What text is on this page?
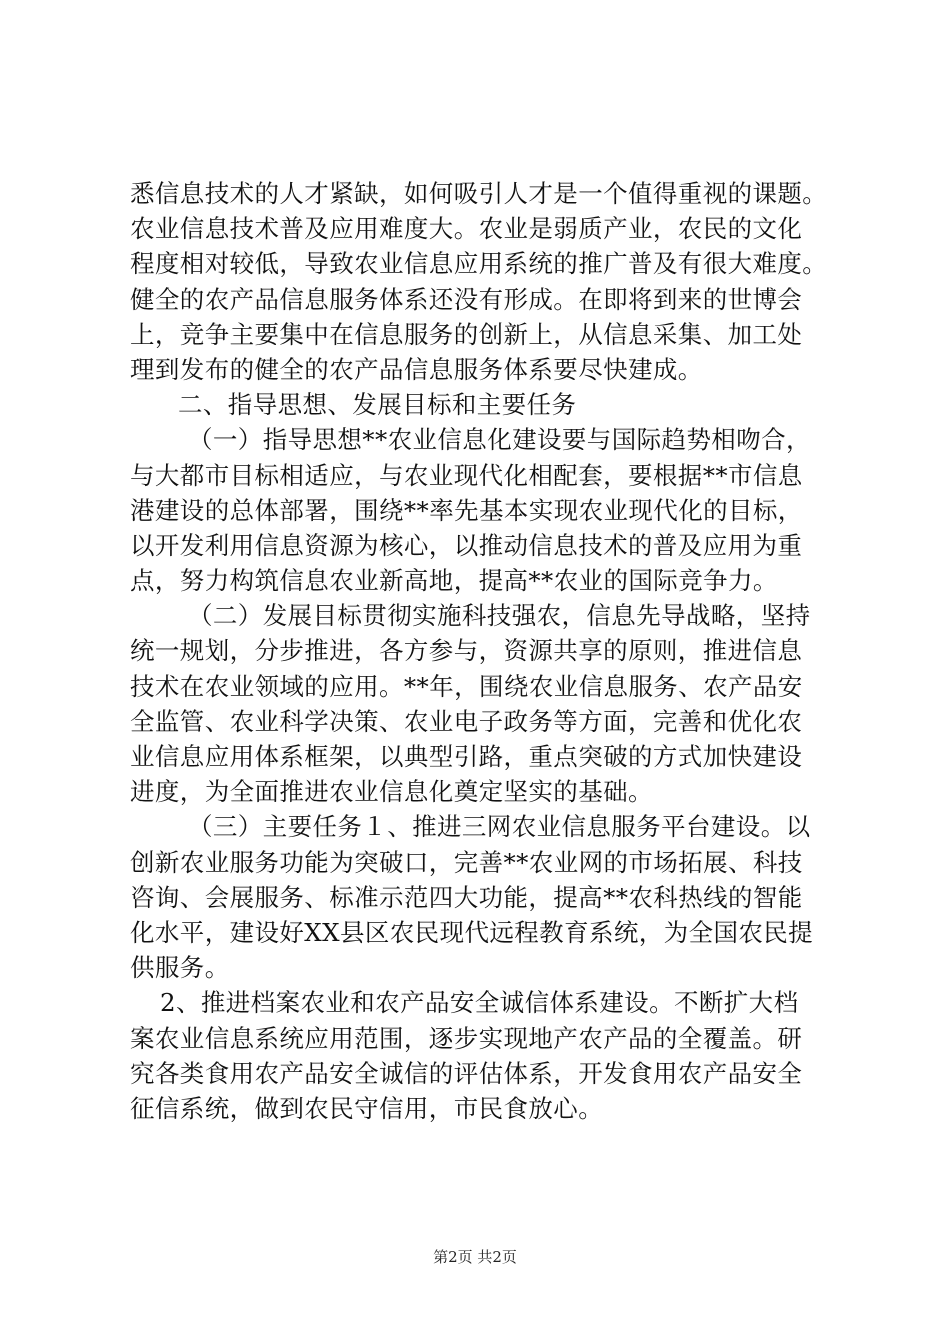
悉信息技术的人才紧缺，如何吸引人才是一个值得重视的课题。
农业信息技术普及应用难度大。农业是弱质产业，农民的文化
程度相对较低，导致农业信息应用系统的推广普及有很大难度。
健全的农产品信息服务体系还没有形成。在即将到来的世博会
上，竞争主要集中在信息服务的创新上，从信息采集、加工处
理到发布的健全的农产品信息服务体系要尽快建成。
二、指导思想、发展目标和主要任务
（一）指导思想**农业信息化建设要与国际趋势相吻合，
与大都市目标相适应，与农业现代化相配套，要根据**市信息
港建设的总体部署，围绕**率先基本实现农业现代化的目标，
以开发利用信息资源为核心，以推动信息技术的普及应用为重
点，努力构筑信息农业新高地，提高**农业的国际竞争力。
（二）发展目标贯彻实施科技强农，信息先导战略，坚持
统一规划，分步推进，各方参与，资源共享的原则，推进信息
技术在农业领域的应用。**年，围绕农业信息服务、农产品安
全监管、农业科学决策、农业电子政务等方面，完善和优化农
业信息应用体系框架，以典型引路，重点突破的方式加快建设
进度，为全面推进农业信息化奠定坚实的基础。
（三）主要任务１、推进三网农业信息服务平台建设。以
创新农业服务功能为突破口，完善**农业网的市场拓展、科技
咨询、会展服务、标准示范四大功能，提高**农科热线的智能
化水平，建设好XX县区农民现代远程教育系统，为全国农民提
供服务。
2、推进档案农业和农产品安全诚信体系建设。不断扩大档
案农业信息系统应用范围，逐步实现地产农产品的全覆盖。研
究各类食用农产品安全诚信的评估体系，开发食用农产品安全
征信系统，做到农民守信用，市民食放心。
第2页 共2页
